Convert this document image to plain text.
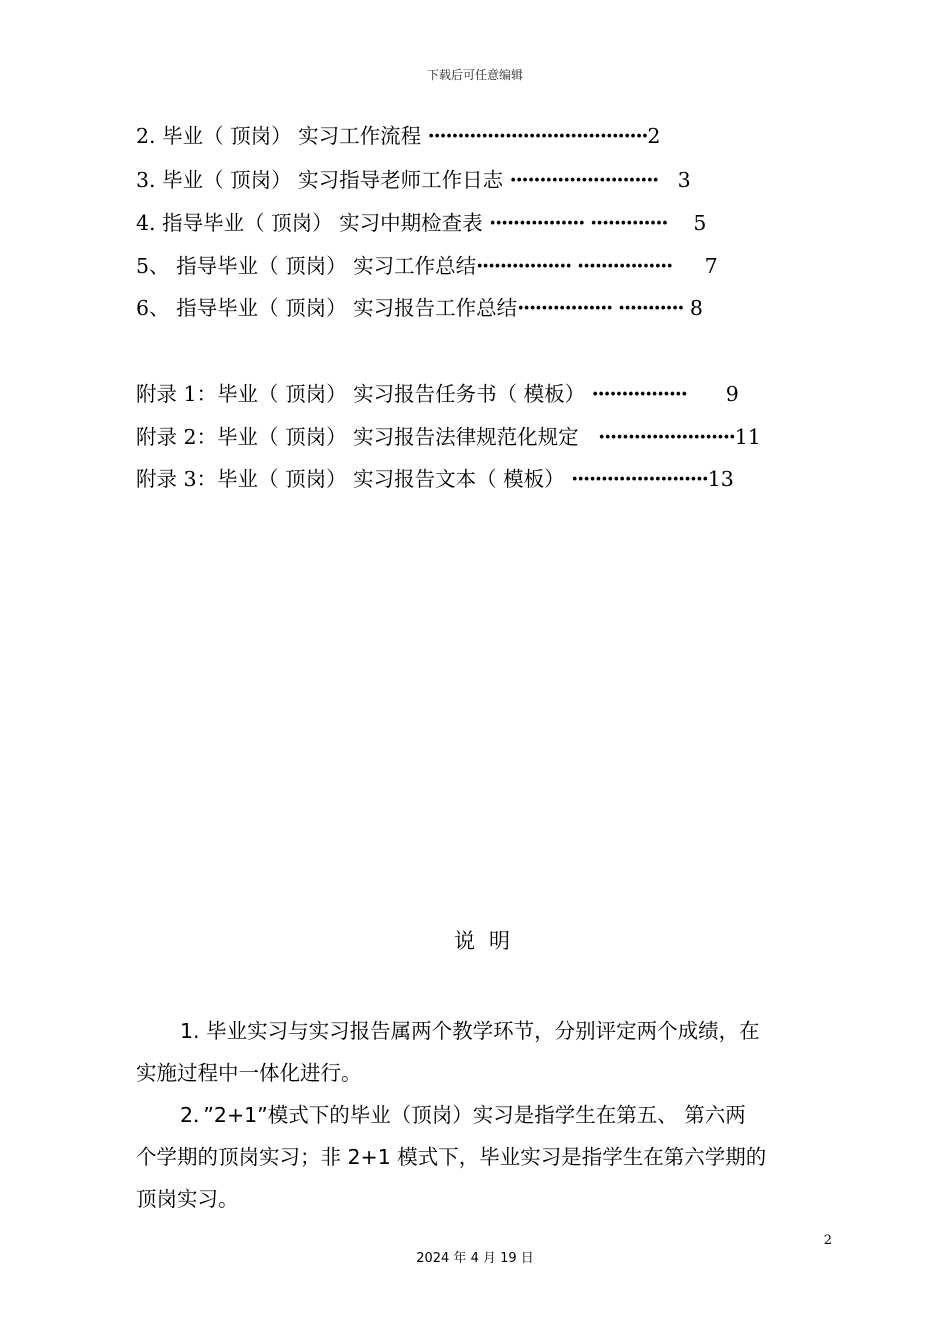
下载后可任意编辑
2. 毕业（ 顶岗） 实习工作流程 ·····································2
3. 毕业（ 顶岗） 实习指导老师工作日志 ························· 3
4. 指导毕业（ 顶岗） 实习中期检查表 ················ ············· 5
5、 指导毕业（ 顶岗） 实习工作总结················ ················ 7
6、 指导毕业（ 顶岗） 实习报告工作总结················ ··········· 8
附录 1：毕业（ 顶岗） 实习报告任务书（ 模板） ················ 9
附录 2：毕业（ 顶岗） 实习报告法律规范化规定 ·······················11
附录 3：毕业（ 顶岗） 实习报告文本（ 模板） ·······················13
说明
1. 毕业实习与实习报告属两个教学环节，分别评定两个成绩，在
实施过程中一体化进行。
2．”2+1”模式下的毕业（顶岗）实习是指学生在第五、 第六两
个学期的顶岗实习；非 2+1 模式下，毕业实习是指学生在第六学期的
顶岗实习。
2
2024 年 4 月 19 日
